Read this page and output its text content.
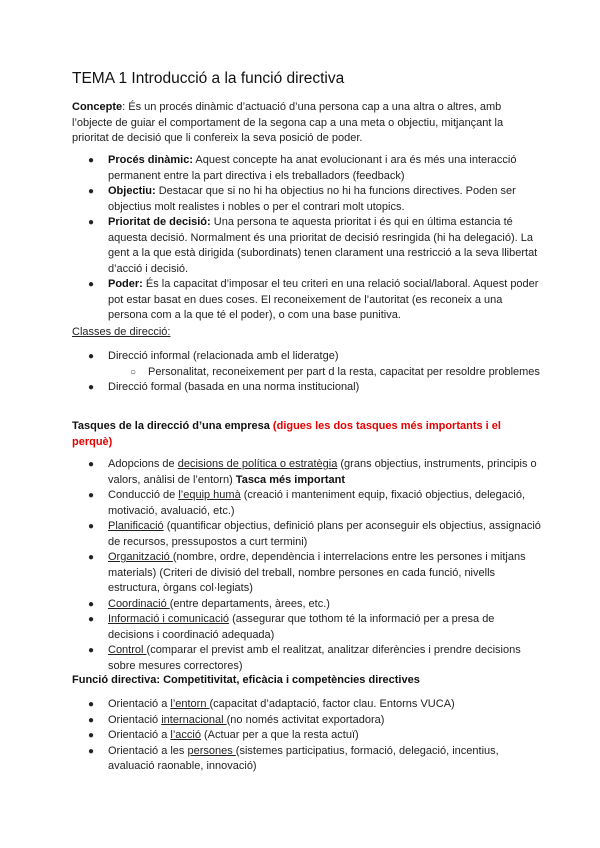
TEMA 1 Introducció a la funció directiva

Concepte: És un procés dinàmic d’actuació d’una persona cap a una altra o altres, amb l’objecte de guiar el comportament de la segona cap a una meta o objectiu, mitjançant la prioritat de decisió que li confereix la seva posició de poder.

● Procés dinàmic: Aquest concepte ha anat evolucionant i ara és més una interacció permanent entre la part directiva i els treballadors (feedback)
● Objectiu: Destacar que si no hi ha objectius no hi ha funcions directives. Poden ser objectius molt realistes i nobles o per el contrari molt utopics.
● Prioritat de decisió: Una persona te aquesta prioritat i és qui en última estancia té aquesta decisió. Normalment és una prioritat de decisió resringida (hi ha delegació). La gent a la que està dirigida (subordinats) tenen clarament una restricció a la seva llibertat d’acció i decisió.
● Poder: És la capacitat d’imposar el teu criteri en una relació social/laboral. Aquest poder pot estar basat en dues coses. El reconeixement de l’autoritat (es reconeix a una persona com a la que té el poder), o com una base punitiva.

Classes de direcció:

● Direcció informal (relacionada amb el lideratge)
○ Personalitat, reconeixement per part d la resta, capacitat per resoldre problemes
● Direcció formal (basada en una norma institucional)

Tasques de la direcció d’una empresa (digues les dos tasques més importants i el perquè)

● Adopcions de decisions de política o estratègia (grans objectius, instruments, principis o valors, anàlisi de l’entorn) Tasca més important
● Conducció de l’equip humà (creació i manteniment equip, fixació objectius, delegació, motivació, avaluació, etc.)
● Planificació (quantificar objectius, definició plans per aconseguir els objectius, assignació de recursos, pressupostos a curt termini)
● Organització (nombre, ordre, dependència i interrelacions entre les persones i mitjans materials) (Criteri de divisió del treball, nombre persones en cada funció, nivells estructura, òrgans col·legiats)
● Coordinació (entre departaments, àrees, etc.)
● Informació i comunicació (assegurar que tothom té la informació per a presa de decisions i coordinació adequada)
● Control (comparar el previst amb el realitzat, analitzar diferències i prendre decisions sobre mesures correctores)

Funció directiva: Competitivitat, eficàcia i competències directives

● Orientació a l’entorn (capacitat d’adaptació, factor clau. Entorns VUCA)
● Orientació internacional (no només activitat exportadora)
● Orientació a l’acció (Actuar per a que la resta actuï)
● Orientació a les persones (sistemes participatius, formació, delegació, incentius, avaluació raonable, innovació)
